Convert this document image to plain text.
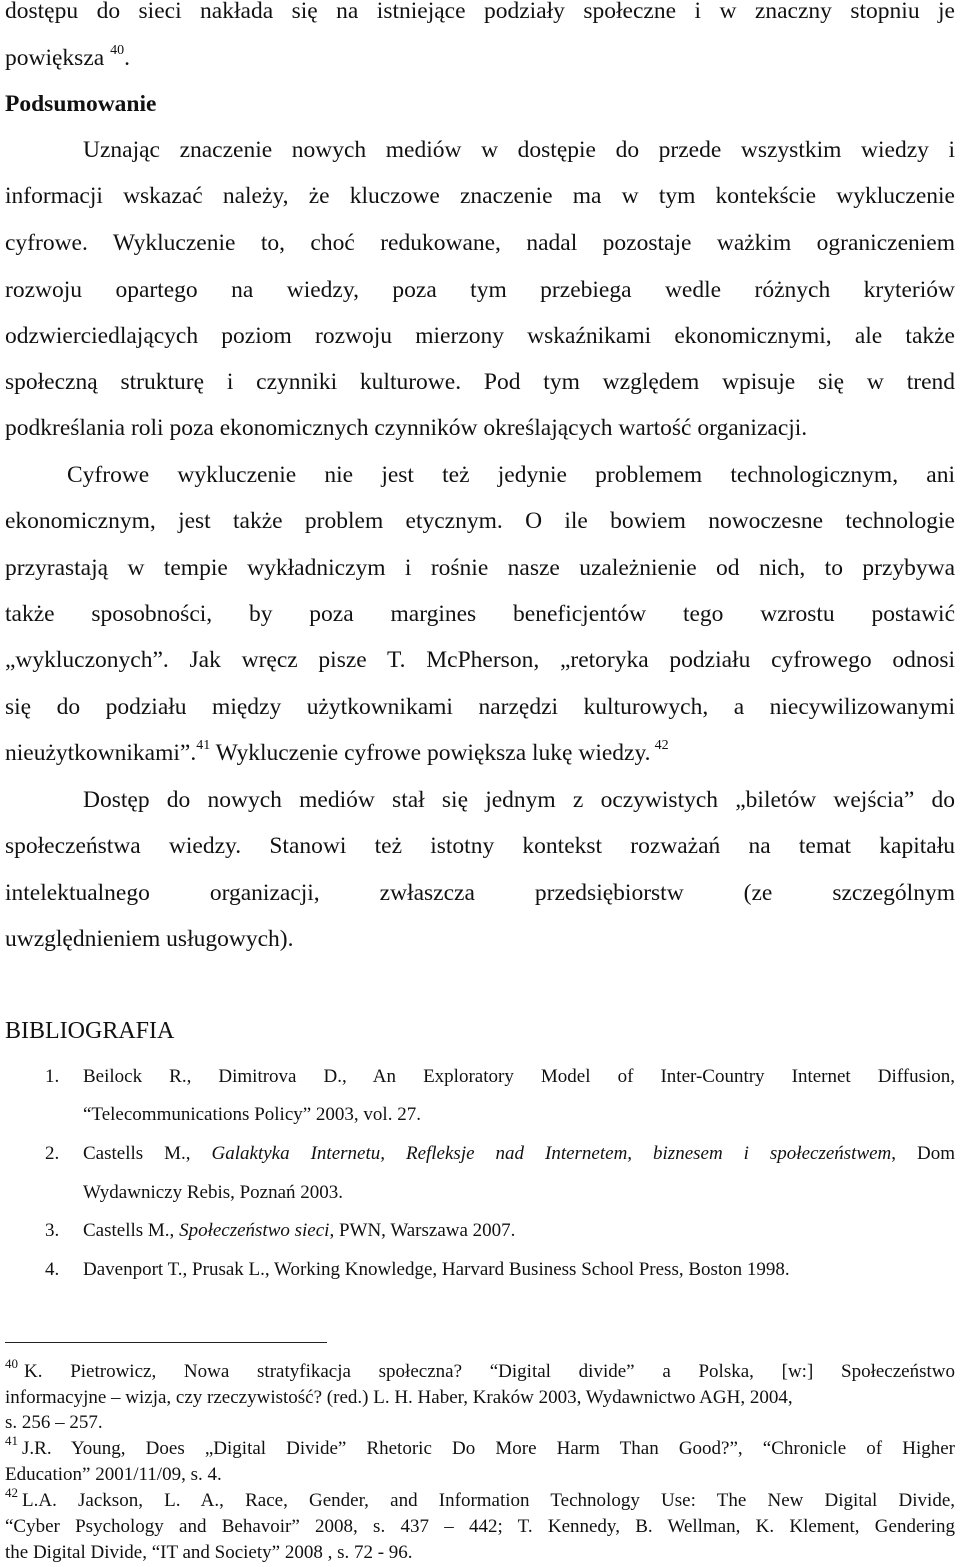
dostępu do sieci nakłada się na istniejące podziały społeczne i w znaczny stopniu je
powiększa $^{40}$.
Podsumowanie
Uznając znaczenie nowych mediów w dostępie do przede wszystkim wiedzy i
informacji wskazać należy, że kluczowe znaczenie ma w tym kontekście wykluczenie
cyfrowe. Wykluczenie to, choć redukowane, nadal pozostaje ważkim ograniczeniem
rozwoju opartego na wiedzy, poza tym przebiega wedle różnych kryteriów
odzwierciedlających poziom rozwoju mierzony wskaźnikami ekonomicznymi, ale także
społeczną strukturę i czynniki kulturowe. Pod tym względem wpisuje się w trend
podkreślania roli poza ekonomicznych czynników określających wartość organizacji.
Cyfrowe wykluczenie nie jest też jedynie problemem technologicznym, ani
ekonomicznym, jest także problem etycznym. O ile bowiem nowoczesne technologie
przyrastają w tempie wykładniczym i rośnie nasze uzależnienie od nich, to przybywa
także sposobności, by poza margines beneficjentów tego wzrostu postawić
„wykluczonych”. Jak wręcz pisze T. McPherson, „retoryka podziału cyfrowego odnosi
się do podziału między użytkownikami narzędzi kulturowych, a niecywilizowanymi
nieużytkownikami”.$^{41}$ Wykluczenie cyfrowe powiększa lukę wiedzy. $^{42}$
Dostęp do nowych mediów stał się jednym z oczywistych „biletów wejścia” do
społeczeństwa wiedzy. Stanowi też istotny kontekst rozważań na temat kapitału
intelektualnego organizacji, zwłaszcza przedsiębiorstw (ze szczególnym
uwzględnieniem usługowych).
BIBLIOGRAFIA
1. Beilock R., Dimitrova D., An Exploratory Model of Inter-Country Internet Diffusion,
“Telecommunications Policy” 2003, vol. 27.
2. Castells M., Galaktyka Internetu, Refleksje nad Internetem, biznesem i społeczeństwem, Dom
Wydawniczy Rebis, Poznań 2003.
3. Castells M., Społeczeństwo sieci, PWN, Warszawa 2007.
4. Davenport T., Prusak L., Working Knowledge, Harvard Business School Press, Boston 1998.
$^{40}$ K. Pietrowicz, Nowa stratyfikacja społeczna? “Digital divide” a Polska, [w:] Społeczeństwo
informacyjne – wizja, czy rzeczywistość? (red.) L. H. Haber, Kraków 2003, Wydawnictwo AGH, 2004,
s. 256 – 257.
$^{41}$ J.R. Young, Does „Digital Divide” Rhetoric Do More Harm Than Good?”, “Chronicle of Higher
Education” 2001/11/09, s. 4.
$^{42}$ L.A. Jackson, L. A., Race, Gender, and Information Technology Use: The New Digital Divide,
“Cyber Psychology and Behavoir” 2008, s. 437 – 442; T. Kennedy, B. Wellman, K. Klement, Gendering
the Digital Divide, “IT and Society” 2008 , s. 72 - 96.
